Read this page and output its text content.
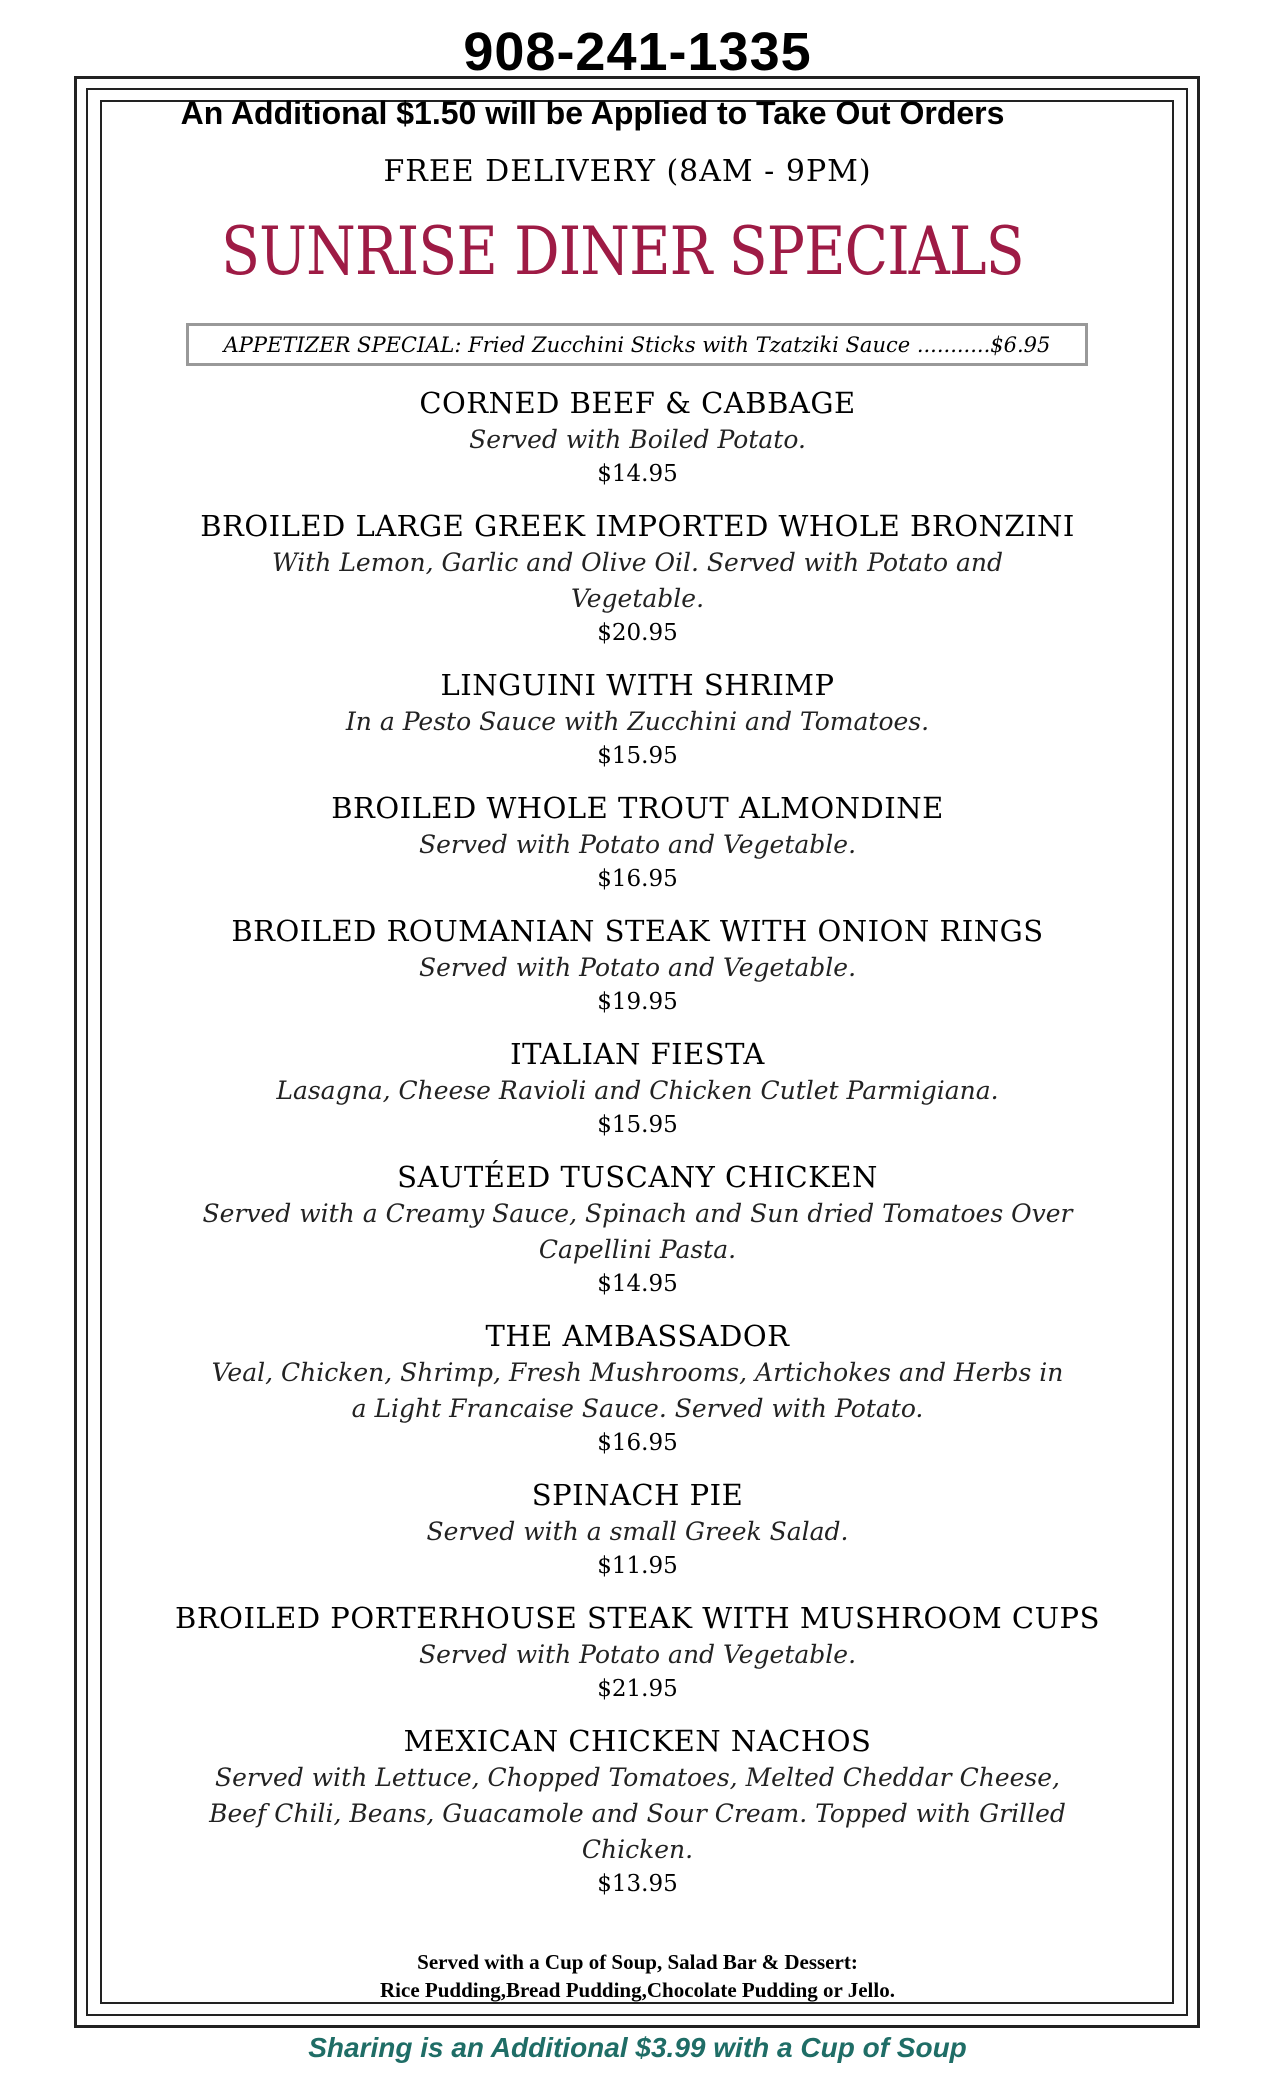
908-241-1335
An Additional $1.50 will be Applied to Take Out Orders
FREE DELIVERY (8AM - 9PM)
SUNRISE DINER SPECIALS
APPETIZER SPECIAL: Fried Zucchini Sticks with Tzatziki Sauce ...........$6.95
CORNED BEEF & CABBAGE
Served with Boiled Potato.
$14.95
BROILED LARGE GREEK IMPORTED WHOLE BRONZINI
With Lemon, Garlic and Olive Oil. Served with Potato and Vegetable.
$20.95
LINGUINI WITH SHRIMP
In a Pesto Sauce with Zucchini and Tomatoes.
$15.95
BROILED WHOLE TROUT ALMONDINE
Served with Potato and Vegetable.
$16.95
BROILED ROUMANIAN STEAK WITH ONION RINGS
Served with Potato and Vegetable.
$19.95
ITALIAN FIESTA
Lasagna, Cheese Ravioli and Chicken Cutlet Parmigiana.
$15.95
SAUTÉED TUSCANY CHICKEN
Served with a Creamy Sauce, Spinach and Sun dried Tomatoes Over Capellini Pasta.
$14.95
THE AMBASSADOR
Veal, Chicken, Shrimp, Fresh Mushrooms, Artichokes and Herbs in a Light Francaise Sauce. Served with Potato.
$16.95
SPINACH PIE
Served with a small Greek Salad.
$11.95
BROILED PORTERHOUSE STEAK WITH MUSHROOM CUPS
Served with Potato and Vegetable.
$21.95
MEXICAN CHICKEN NACHOS
Served with Lettuce, Chopped Tomatoes, Melted Cheddar Cheese, Beef Chili, Beans, Guacamole and Sour Cream. Topped with Grilled Chicken.
$13.95
Served with a Cup of Soup, Salad Bar & Dessert:
Rice Pudding,Bread Pudding,Chocolate Pudding or Jello.
Sharing is an Additional $3.99 with a Cup of Soup
